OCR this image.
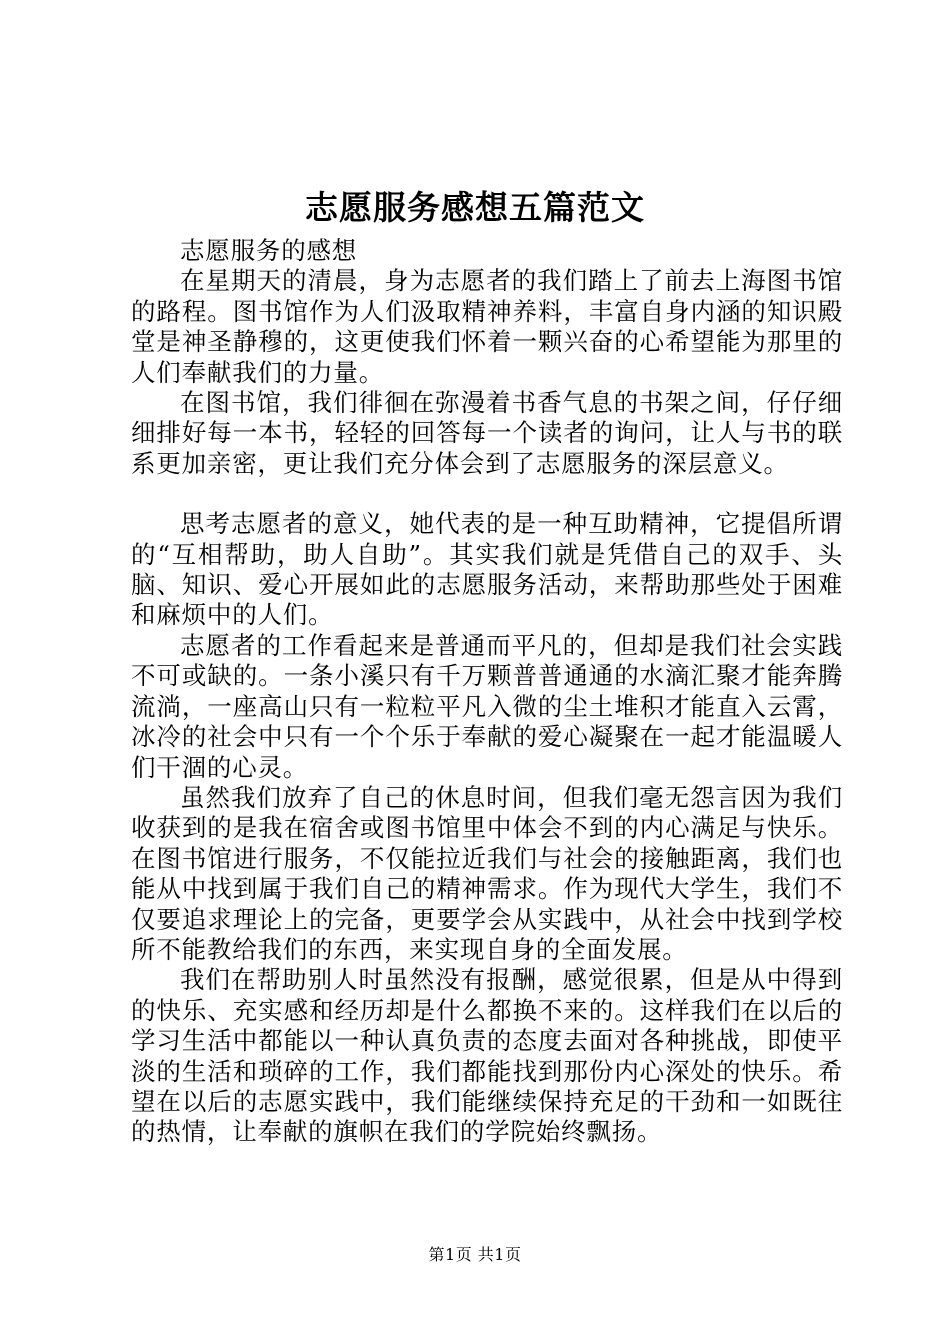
志愿服务感想五篇范文

志愿服务的感想

在星期天的清晨，身为志愿者的我们踏上了前去上海图书馆的路程。图书馆作为人们汲取精神养料，丰富自身内涵的知识殿堂是神圣静穆的，这更使我们怀着一颗兴奋的心希望能为那里的人们奉献我们的力量。

在图书馆，我们徘徊在弥漫着书香气息的书架之间，仔仔细细排好每一本书，轻轻的回答每一个读者的询问，让人与书的联系更加亲密，更让我们充分体会到了志愿服务的深层意义。

思考志愿者的意义，她代表的是一种互助精神，它提倡所谓的“互相帮助，助人自助”。其实我们就是凭借自己的双手、头脑、知识、爱心开展如此的志愿服务活动，来帮助那些处于困难和麻烦中的人们。

志愿者的工作看起来是普通而平凡的，但却是我们社会实践不可或缺的。一条小溪只有千万颗普普通通的水滴汇聚才能奔腾流淌，一座高山只有一粒粒平凡入微的尘土堆积才能直入云霄，冰冷的社会中只有一个个乐于奉献的爱心凝聚在一起才能温暖人们干涸的心灵。

虽然我们放弃了自己的休息时间，但我们毫无怨言因为我们收获到的是我在宿舍或图书馆里中体会不到的内心满足与快乐。在图书馆进行服务，不仅能拉近我们与社会的接触距离，我们也能从中找到属于我们自己的精神需求。作为现代大学生，我们不仅要追求理论上的完备，更要学会从实践中，从社会中找到学校所不能教给我们的东西，来实现自身的全面发展。

我们在帮助别人时虽然没有报酬，感觉很累，但是从中得到的快乐、充实感和经历却是什么都换不来的。这样我们在以后的学习生活中都能以一种认真负责的态度去面对各种挑战，即使平淡的生活和琐碎的工作，我们都能找到那份内心深处的快乐。希望在以后的志愿实践中，我们能继续保持充足的干劲和一如既往的热情，让奉献的旗帜在我们的学院始终飘扬。

第1页 共1页
